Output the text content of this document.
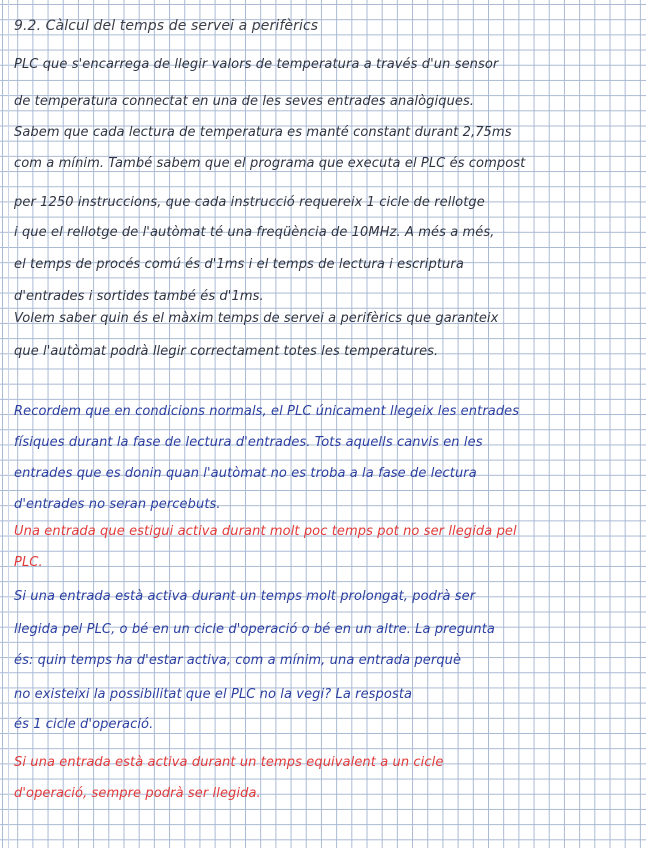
9.2. Càlcul del temps de servei a perifèrics

PLC que s'encarrega de llegir valors de temperatura a través d'un sensor

de temperatura connectat en una de les seves entrades analògiques.

Sabem que cada lectura de temperatura es manté constant durant 2,75ms

com a mínim. També sabem que el programa que executa el PLC és compost

per 1250 instruccions, que cada instrucció requereix 1 cicle de rellotge

i que el rellotge de l'autòmat té una freqüència de 10MHz. A més a més,

el temps de procés comú és d'1ms i el temps de lectura i escriptura

d'entrades i sortides també és d'1ms.

Volem saber quin és el màxim temps de servei a perifèrics que garanteix

que l'autòmat podrà llegir correctament totes les temperatures.

Recordem que en condicions normals, el PLC únicament llegeix les entrades

físiques durant la fase de lectura d'entrades. Tots aquells canvis en les

entrades que es donin quan l'autòmat no es troba a la fase de lectura

d'entrades no seran percebuts.

Una entrada que estigui activa durant molt poc temps pot no ser llegida pel

PLC.

Si una entrada està activa durant un temps molt prolongat, podrà ser

llegida pel PLC, o bé en un cicle d'operació o bé en un altre. La pregunta

és: quin temps ha d'estar activa, com a mínim, una entrada perquè

no existeixi la possibilitat que el PLC no la vegi? La resposta

és 1 cicle d'operació.

Si una entrada està activa durant un temps equivalent a un cicle

d'operació, sempre podrà ser llegida.
